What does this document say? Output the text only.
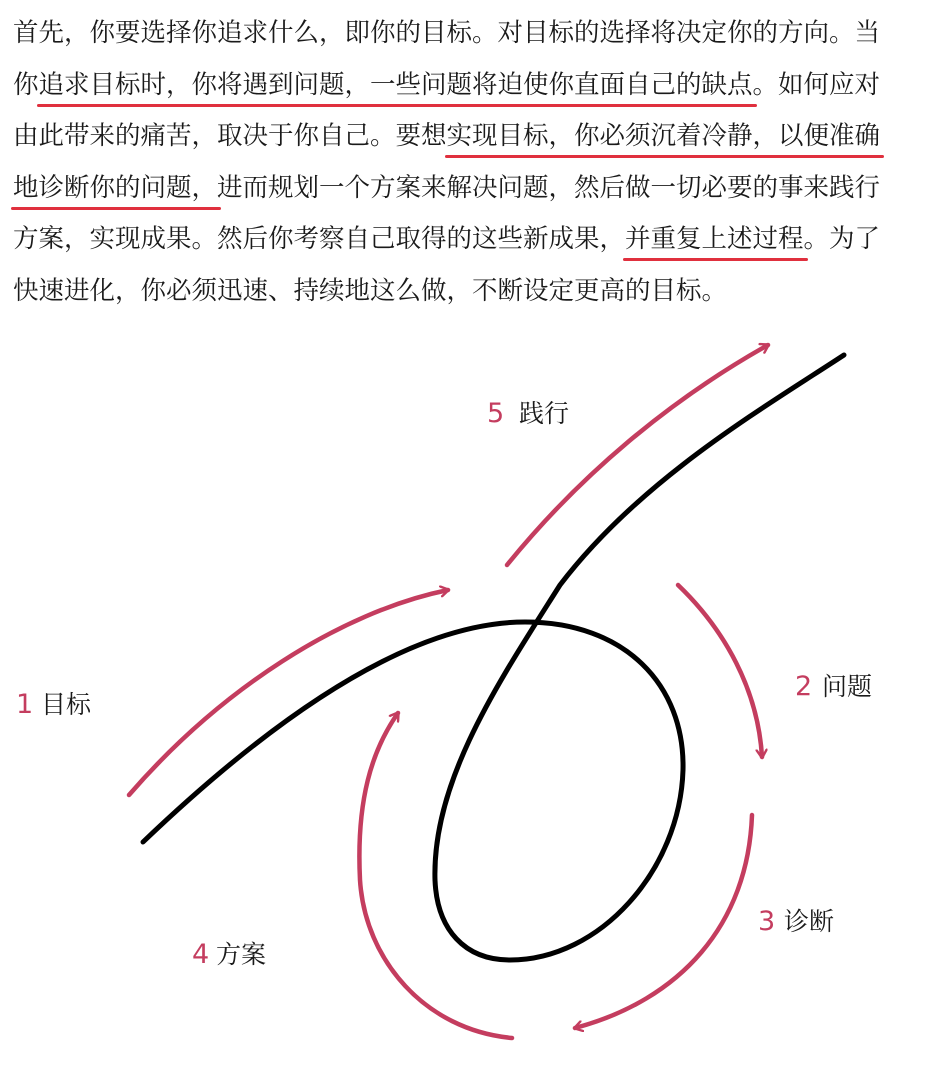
首先，你要选择你追求什么，即你的目标。对目标的选择将决定你的方向。当
你追求目标时，你将遇到问题，一些问题将迫使你直面自己的缺点。如何应对
由此带来的痛苦，取决于你自己。要想实现目标，你必须沉着冷静，以便准确
地诊断你的问题，进而规划一个方案来解决问题，然后做一切必要的事来践行
方案，实现成果。然后你考察自己取得的这些新成果，并重复上述过程。为了
快速进化，你必须迅速、持续地这么做，不断设定更高的目标。
1 目标
2 问题
3 诊断
4 方案
5 践行
